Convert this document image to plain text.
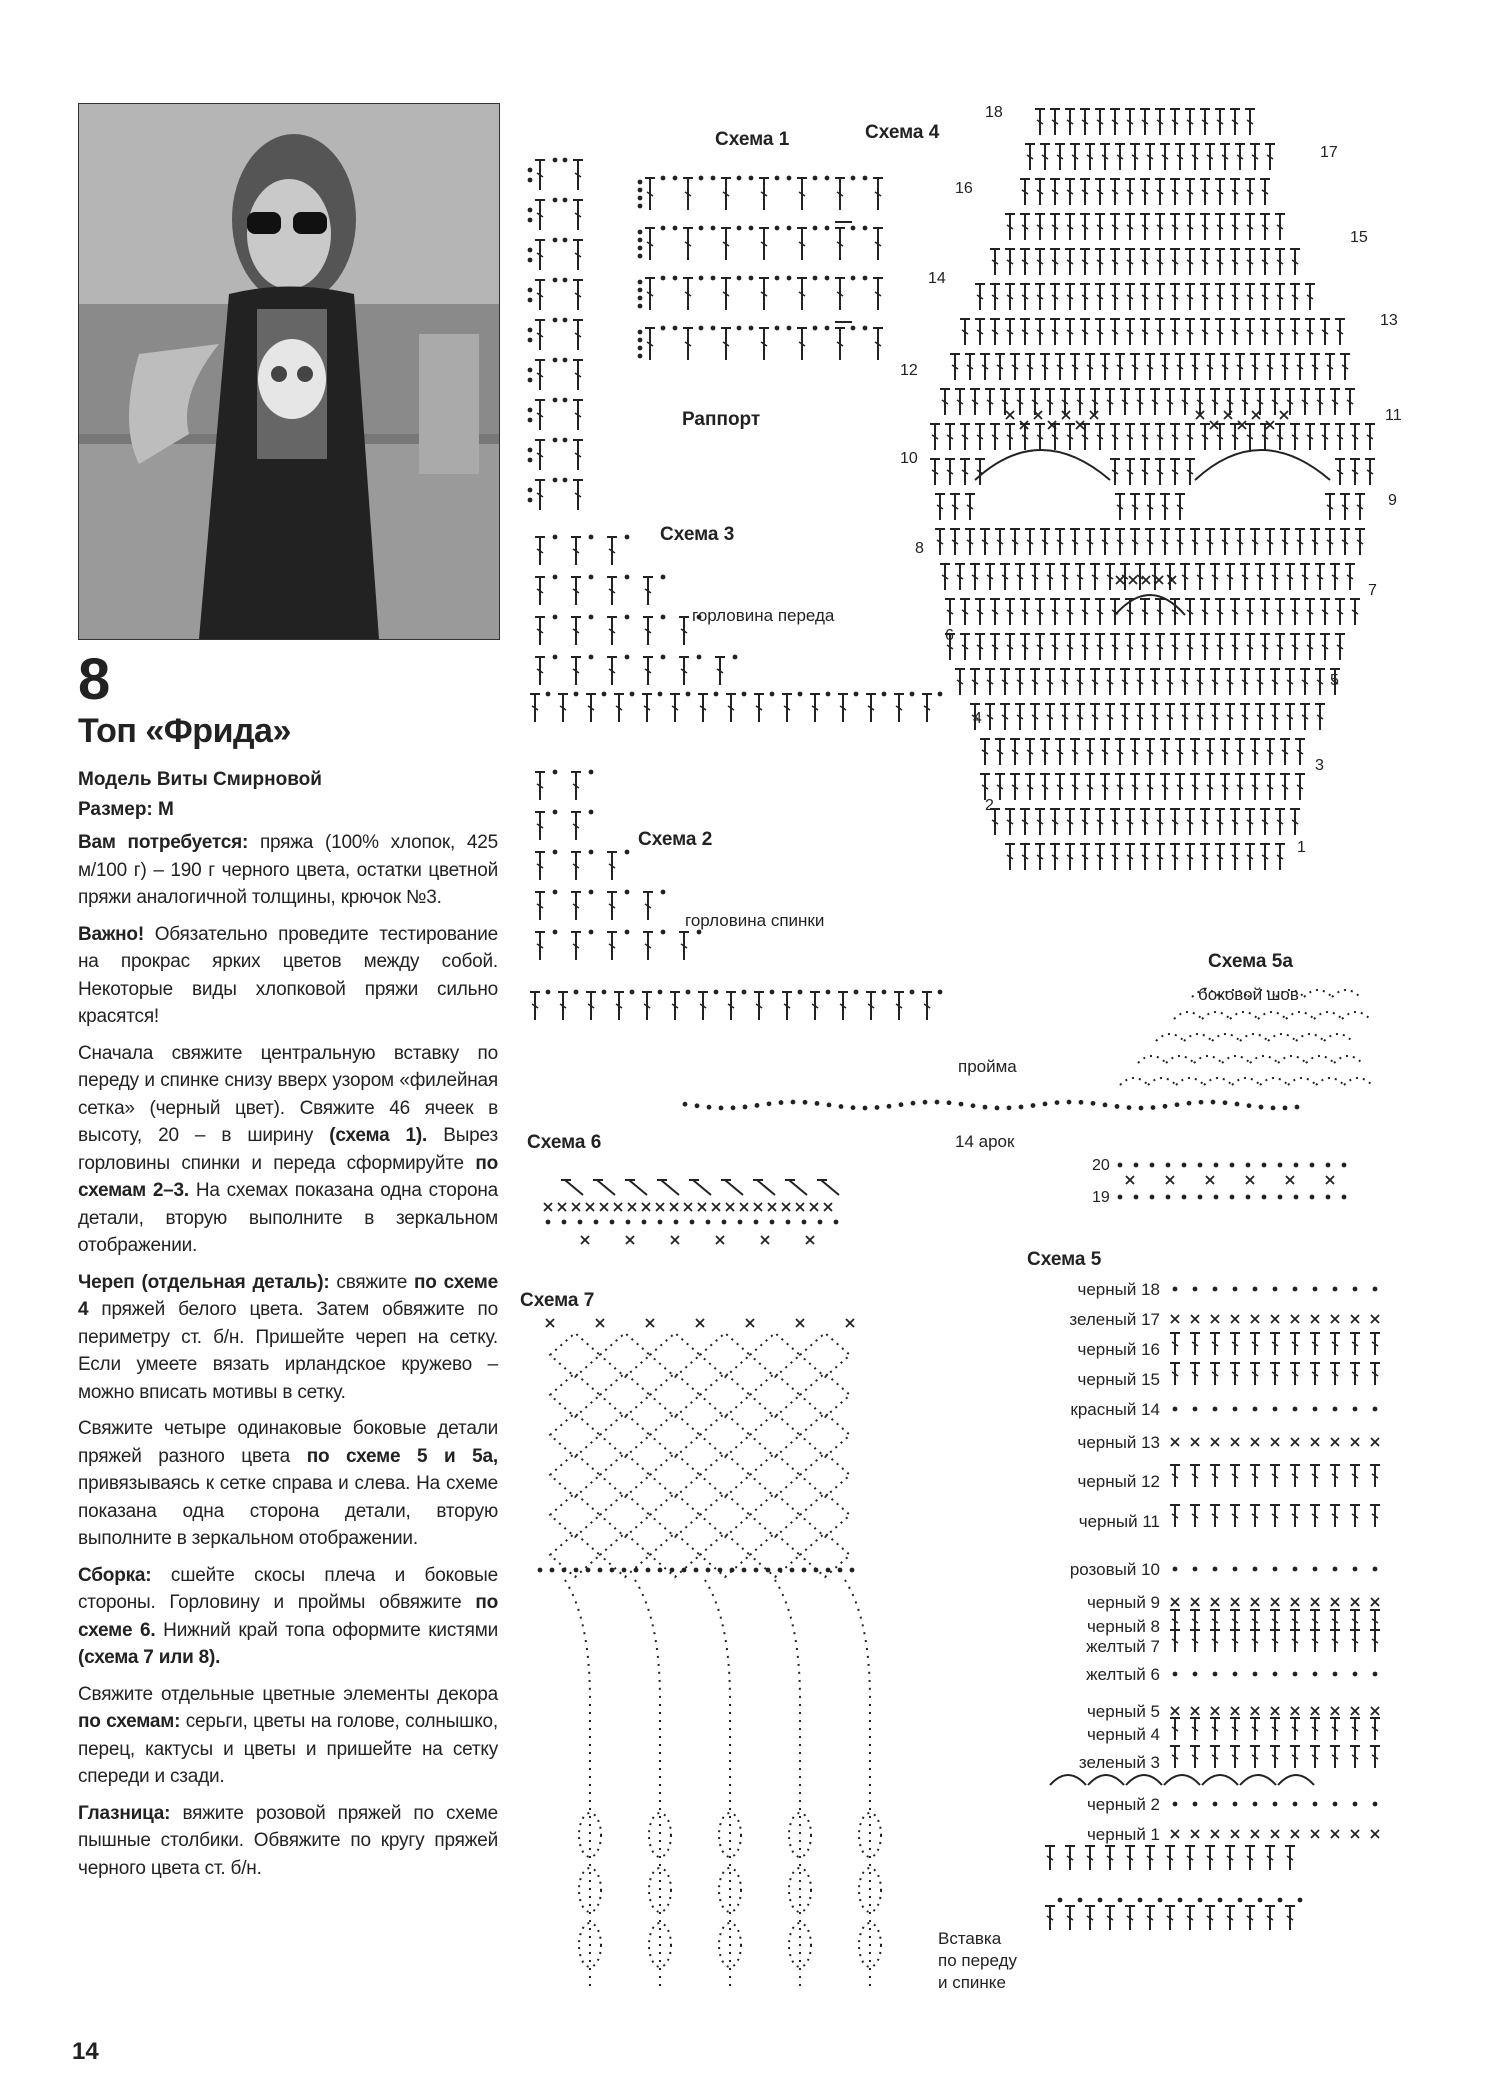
8
Топ «Фрида»
Модель Виты Смирновой
Размер: М

Вам потребуется: пряжа (100% хлопок, 425 м/100 г) – 190 г черного цвета, остатки цветной пряжи аналогичной толщины, крючок №3.

Важно! Обязательно проведите тестирование на прокрас ярких цветов между собой. Некоторые виды хлопковой пряжи сильно красятся!

Сначала свяжите центральную вставку по переду и спинке снизу вверх узором «филейная сетка» (черный цвет). Свяжите 46 ячеек в высоту, 20 – в ширину (схема 1). Вырез горловины спинки и переда сформируйте по схемам 2–3. На схемах показана одна сторона детали, вторую выполните в зеркальном отображении.

Череп (отдельная деталь): свяжите по схеме 4 пряжей белого цвета. Затем обвяжите по периметру ст. б/н. Пришейте череп на сетку. Если умеете вязать ирландское кружево – можно вписать мотивы в сетку.

Свяжите четыре одинаковые боковые детали пряжей разного цвета по схеме 5 и 5а, привязываясь к сетке справа и слева. На схеме показана одна сторона детали, вторую выполните в зеркальном отображении.

Сборка: сшейте скосы плеча и боковые стороны. Горловину и проймы обвяжите по схеме 6. Нижний край топа оформите кистями (схема 7 или 8).

Свяжите отдельные цветные элементы декора по схемам: серьги, цветы на голове, солнышко, перец, кактусы и цветы и пришейте на сетку спереди и сзади.

Глазница: вяжите розовой пряжей по схеме пышные столбики. Обвяжите по кругу пряжей черного цвета ст. б/н.

14
Схема 1
Раппорт
Схема 3
горловина переда
Схема 2
горловина спинки
Схема 4
1
2
3
4
5
6
7
8
9
10
11
12
13
14
15
16
17
18
Схема 5а
боковой шов
пройма
14 арок
20
19
Схема 6
Схема 7
Схема 5
черный 18
зеленый 17
черный 16
черный 15
красный 14
черный 13
черный 12
черный 11
розовый 10
черный 9
черный 8
желтый 7
желтый 6
черный 5
черный 4
зеленый 3
черный 2
черный 1
Вставка
по переду
и спинке
